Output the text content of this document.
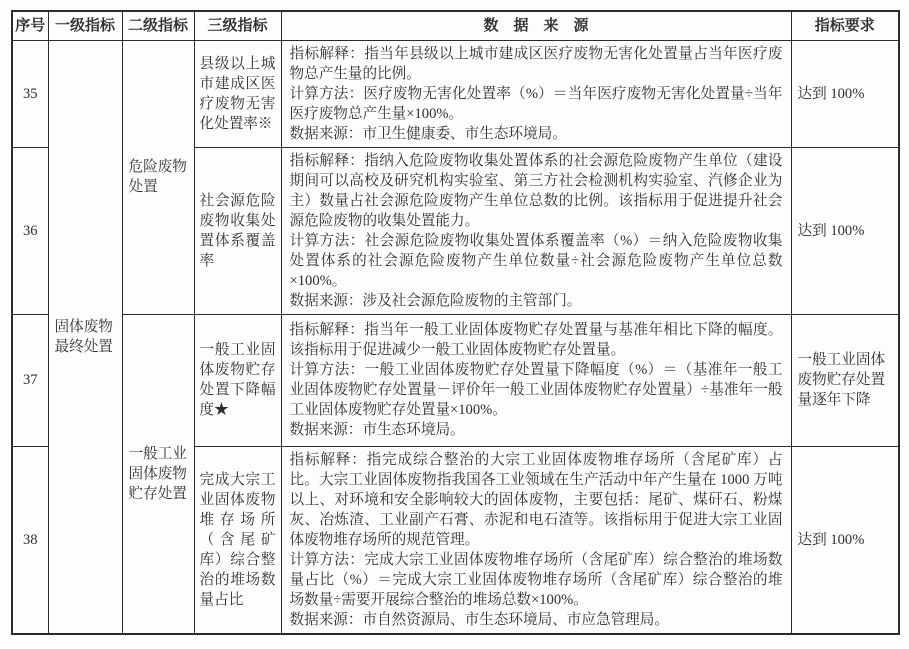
序号	一级指标	二级指标	三级指标	数　据　来　源	指标要求
35	固体废物最终处置	危险废物处置	县级以上城市建成区医疗废物无害化处置率※	指标解释：指当年县级以上城市建成区医疗废物无害化处置量占当年医疗废物总产生量的比例。
计算方法：医疗废物无害化处置率（%）＝当年医疗废物无害化处置量÷当年医疗废物总产生量×100%。
数据来源：市卫生健康委、市生态环境局。	达到 100%
36			社会源危险废物收集处置体系覆盖率	指标解释：指纳入危险废物收集处置体系的社会源危险废物产生单位（建设期间可以高校及研究机构实验室、第三方社会检测机构实验室、汽修企业为主）数量占社会源危险废物产生单位总数的比例。该指标用于促进提升社会源危险废物的收集处置能力。
计算方法：社会源危险废物收集处置体系覆盖率（%）＝纳入危险废物收集处置体系的社会源危险废物产生单位数量÷社会源危险废物产生单位总数×100%。
数据来源：涉及社会源危险废物的主管部门。	达到 100%
37		一般工业固体废物贮存处置	一般工业固体废物贮存处置下降幅度★	指标解释：指当年一般工业固体废物贮存处置量与基准年相比下降的幅度。该指标用于促进减少一般工业固体废物贮存处置量。
计算方法：一般工业固体废物贮存处置量下降幅度（%）＝（基准年一般工业固体废物贮存处置量－评价年一般工业固体废物贮存处置量）÷基准年一般工业固体废物贮存处置量×100%。
数据来源：市生态环境局。	一般工业固体废物贮存处置量逐年下降
38			完成大宗工业固体废物堆存场所（含尾矿库）综合整治的堆场数量占比	指标解释：指完成综合整治的大宗工业固体废物堆存场所（含尾矿库）占比。大宗工业固体废物指我国各工业领域在生产活动中年产生量在 1000 万吨以上、对环境和安全影响较大的固体废物，主要包括：尾矿、煤矸石、粉煤灰、冶炼渣、工业副产石膏、赤泥和电石渣等。该指标用于促进大宗工业固体废物堆存场所的规范管理。
计算方法：完成大宗工业固体废物堆存场所（含尾矿库）综合整治的堆场数量占比（%）＝完成大宗工业固体废物堆存场所（含尾矿库）综合整治的堆场数量÷需要开展综合整治的堆场总数×100%。
数据来源：市自然资源局、市生态环境局、市应急管理局。	达到 100%
